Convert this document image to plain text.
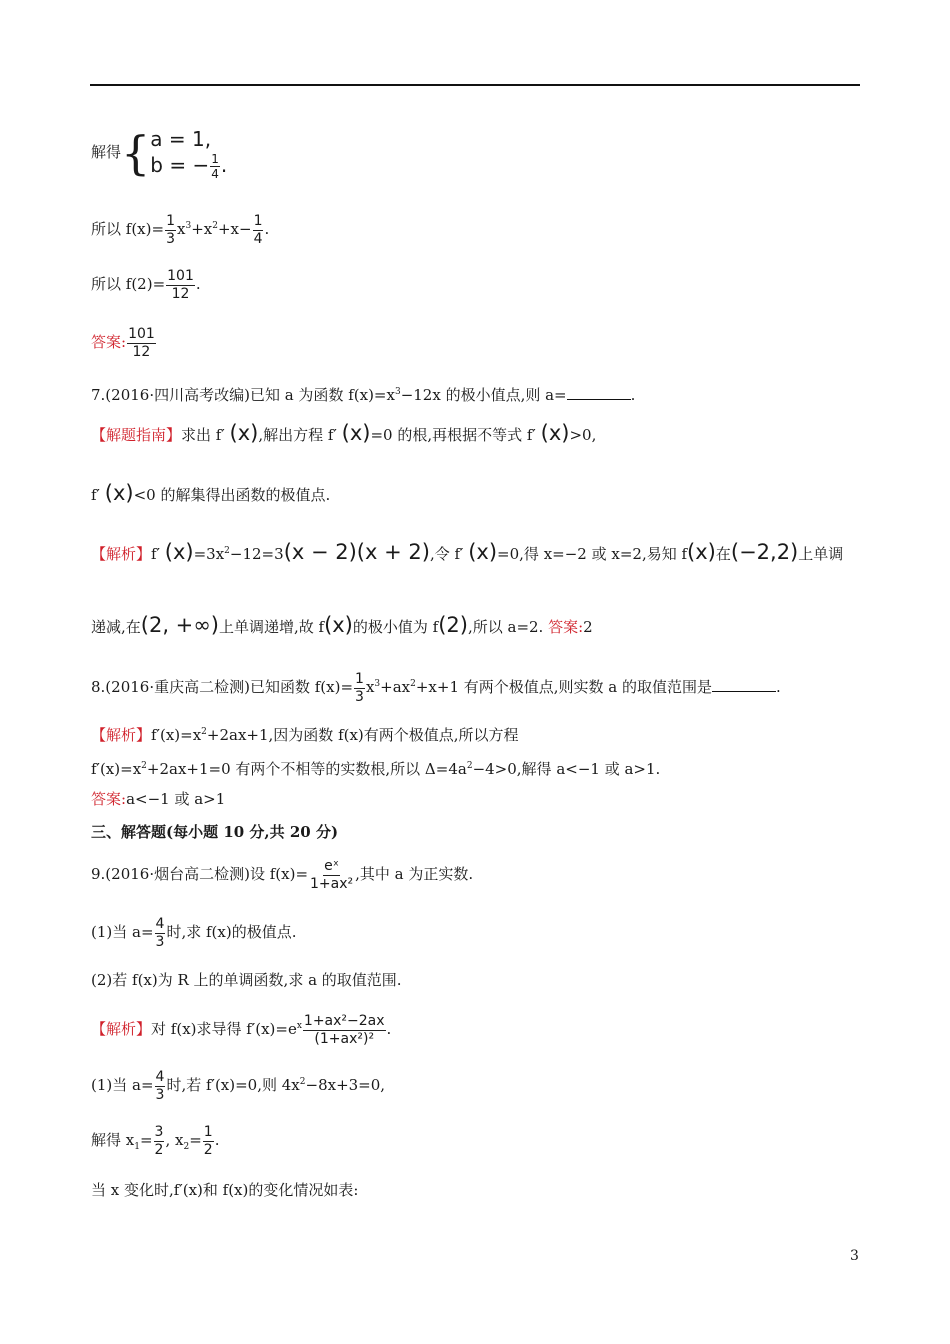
解得{ a = 1,
b = − $\frac{1}{4}$ .
所以 $f(x)= \frac{1}{3} x^3+x^2+x- \frac{1}{4}$ .
所以 $f(2)= \frac{101}{12}$ .
答案: $\frac{101}{12}$
7.(2016·四川高考改编)已知 a 为函数 $f(x)=x^3-12x$ 的极小值点,则 a=	.
【解题指南】求出 f′ (x),解出方程 f′ (x)=0 的根,再根据不等式 f′ (x)>0,
f′ (x)<0 的解集得出函数的极值点.
【解析】f′ $(x)=3x^2-12=3(x - 2)(x + 2)$,令 f′ (x)=0,得 x=−2 或 x=2,易知 f(x)在(−2,2)上单调
递减,在(2, +∞)上单调递增,故 f(x)的极小值为 f(2),所以 a=2. 答案:2
8.(2016·重庆高二检测)已知函数 $f(x)= \frac{1}{3} x^3+ax^2+x+1$ 有两个极值点,则实数 a 的取值范围是	.
【解析】$f'(x)=x^2+2ax+1$,因为函数 f(x)有两个极值点,所以方程
$f'(x)=x^2+2ax+1=0$ 有两个不相等的实数根,所以 $\Delta=4a^2-4>0$,解得 a<−1 或 a>1.
答案:a<−1 或 a>1
三、解答题(每小题 10 分,共 20 分)
9.(2016·烟台高二检测)设 $f(x)= \frac{\text{eˣ}}{\text{1+ax²}}$ ,其中 a 为正实数.
(1)当 $a= \frac{4}{3}$ 时,求 f(x)的极值点.
(2)若 f(x)为 R 上的单调函数,求 a 的取值范围.
【解析】对 f(x)求导得 $f'(x)=e^x \frac{\text{1+ax²−2ax}}{\text{(1+ax²)²}}$ .
(1)当 $a= \frac{4}{3}$ 时,若 f′(x)=0,则 $4x^2-8x+3=0$,
解得 $x_1= \frac{3}{2}$ , $x_2= \frac{1}{2}$ .
当 x 变化时,f′(x)和 f(x)的变化情况如表:
3
